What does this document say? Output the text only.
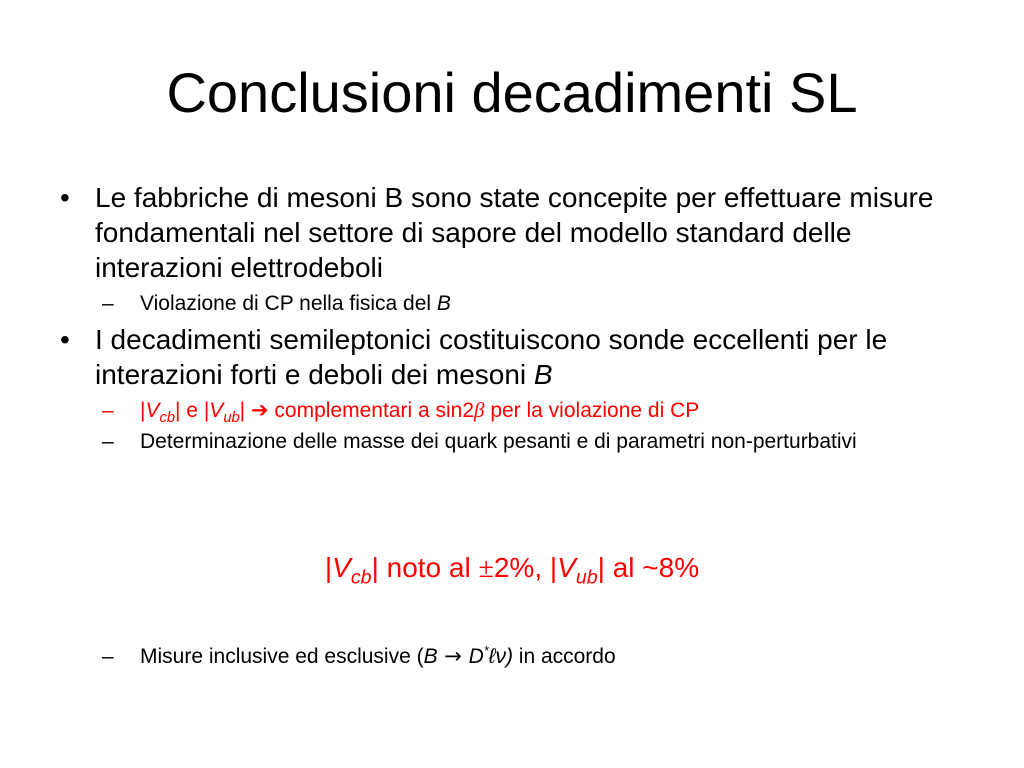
Conclusioni decadimenti SL
• Le fabbriche di mesoni B sono state concepite per effettuare misure fondamentali nel settore di sapore del modello standard delle interazioni elettrodeboli
– Violazione di CP nella fisica del B
• I decadimenti semileptonici costituiscono sonde eccellenti per le interazioni forti e deboli dei mesoni B
– $|V_{cb}|$ e $|V_{ub}|$ ➔ complementari a sin2β per la violazione di CP
– Determinazione delle masse dei quark pesanti e di parametri non-perturbativi
$|V_{cb}|$ noto al ±2%, $|V_{ub}|$ al ~8%
– Misure inclusive ed esclusive (B → D*ℓν) in accordo
